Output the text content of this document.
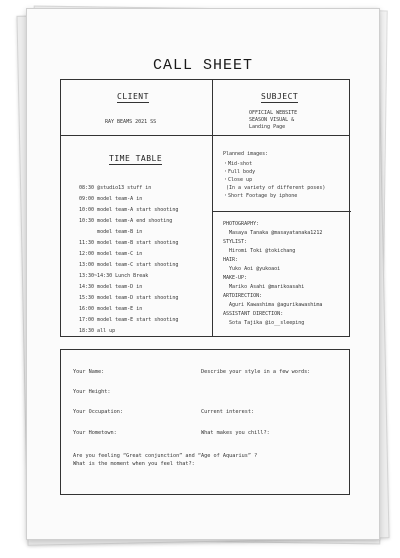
CALL SHEET
CLIENT
RAY BEAMS 2021 SS
SUBJECT
OFFICIAL WEBSITE
SEASON VISUAL &
Landing Page
TIME TABLE
08:30 @studio13 stuff in
09:00 model team-A in
10:00 model team-A start shooting
10:30 model team-A end shooting
model team-B in
11:30 model team-B start shooting
12:00 model team-C in
13:00 model team-C start shooting
13:30~14:30 Lunch Break
14:30 model team-D in
15:30 model team-D start shooting
16:00 model team-E in
17:00 model team-E start shooting
18:30 all up
Planned images:
・Mid-shot
・Full body
・Close up
(In a variety of different poses)
・Short Footage by iphone
PHOTOGRAPHY:
Masaya Tanaka @masayatanaka1212
STYLIST:
Hiromi Toki @tokichang
HAIR:
Yuko Aoi @yukoaoi
MAKE-UP:
Mariko Asahi @marikoasahi
ARTDIRECTION:
Aguri Kawashima @agurikawashima
ASSISTANT DIRECTION:
Sota Tajika @io__sleeping
Your Name:	Describe your style in a few words:
Your Height:
Your Occupation:	Current interest:
Your Hometown:	What makes you chill?:
Are you feeling “Great conjunction” and “Age of Aquarius” ?
What is the moment when you feel that?:
